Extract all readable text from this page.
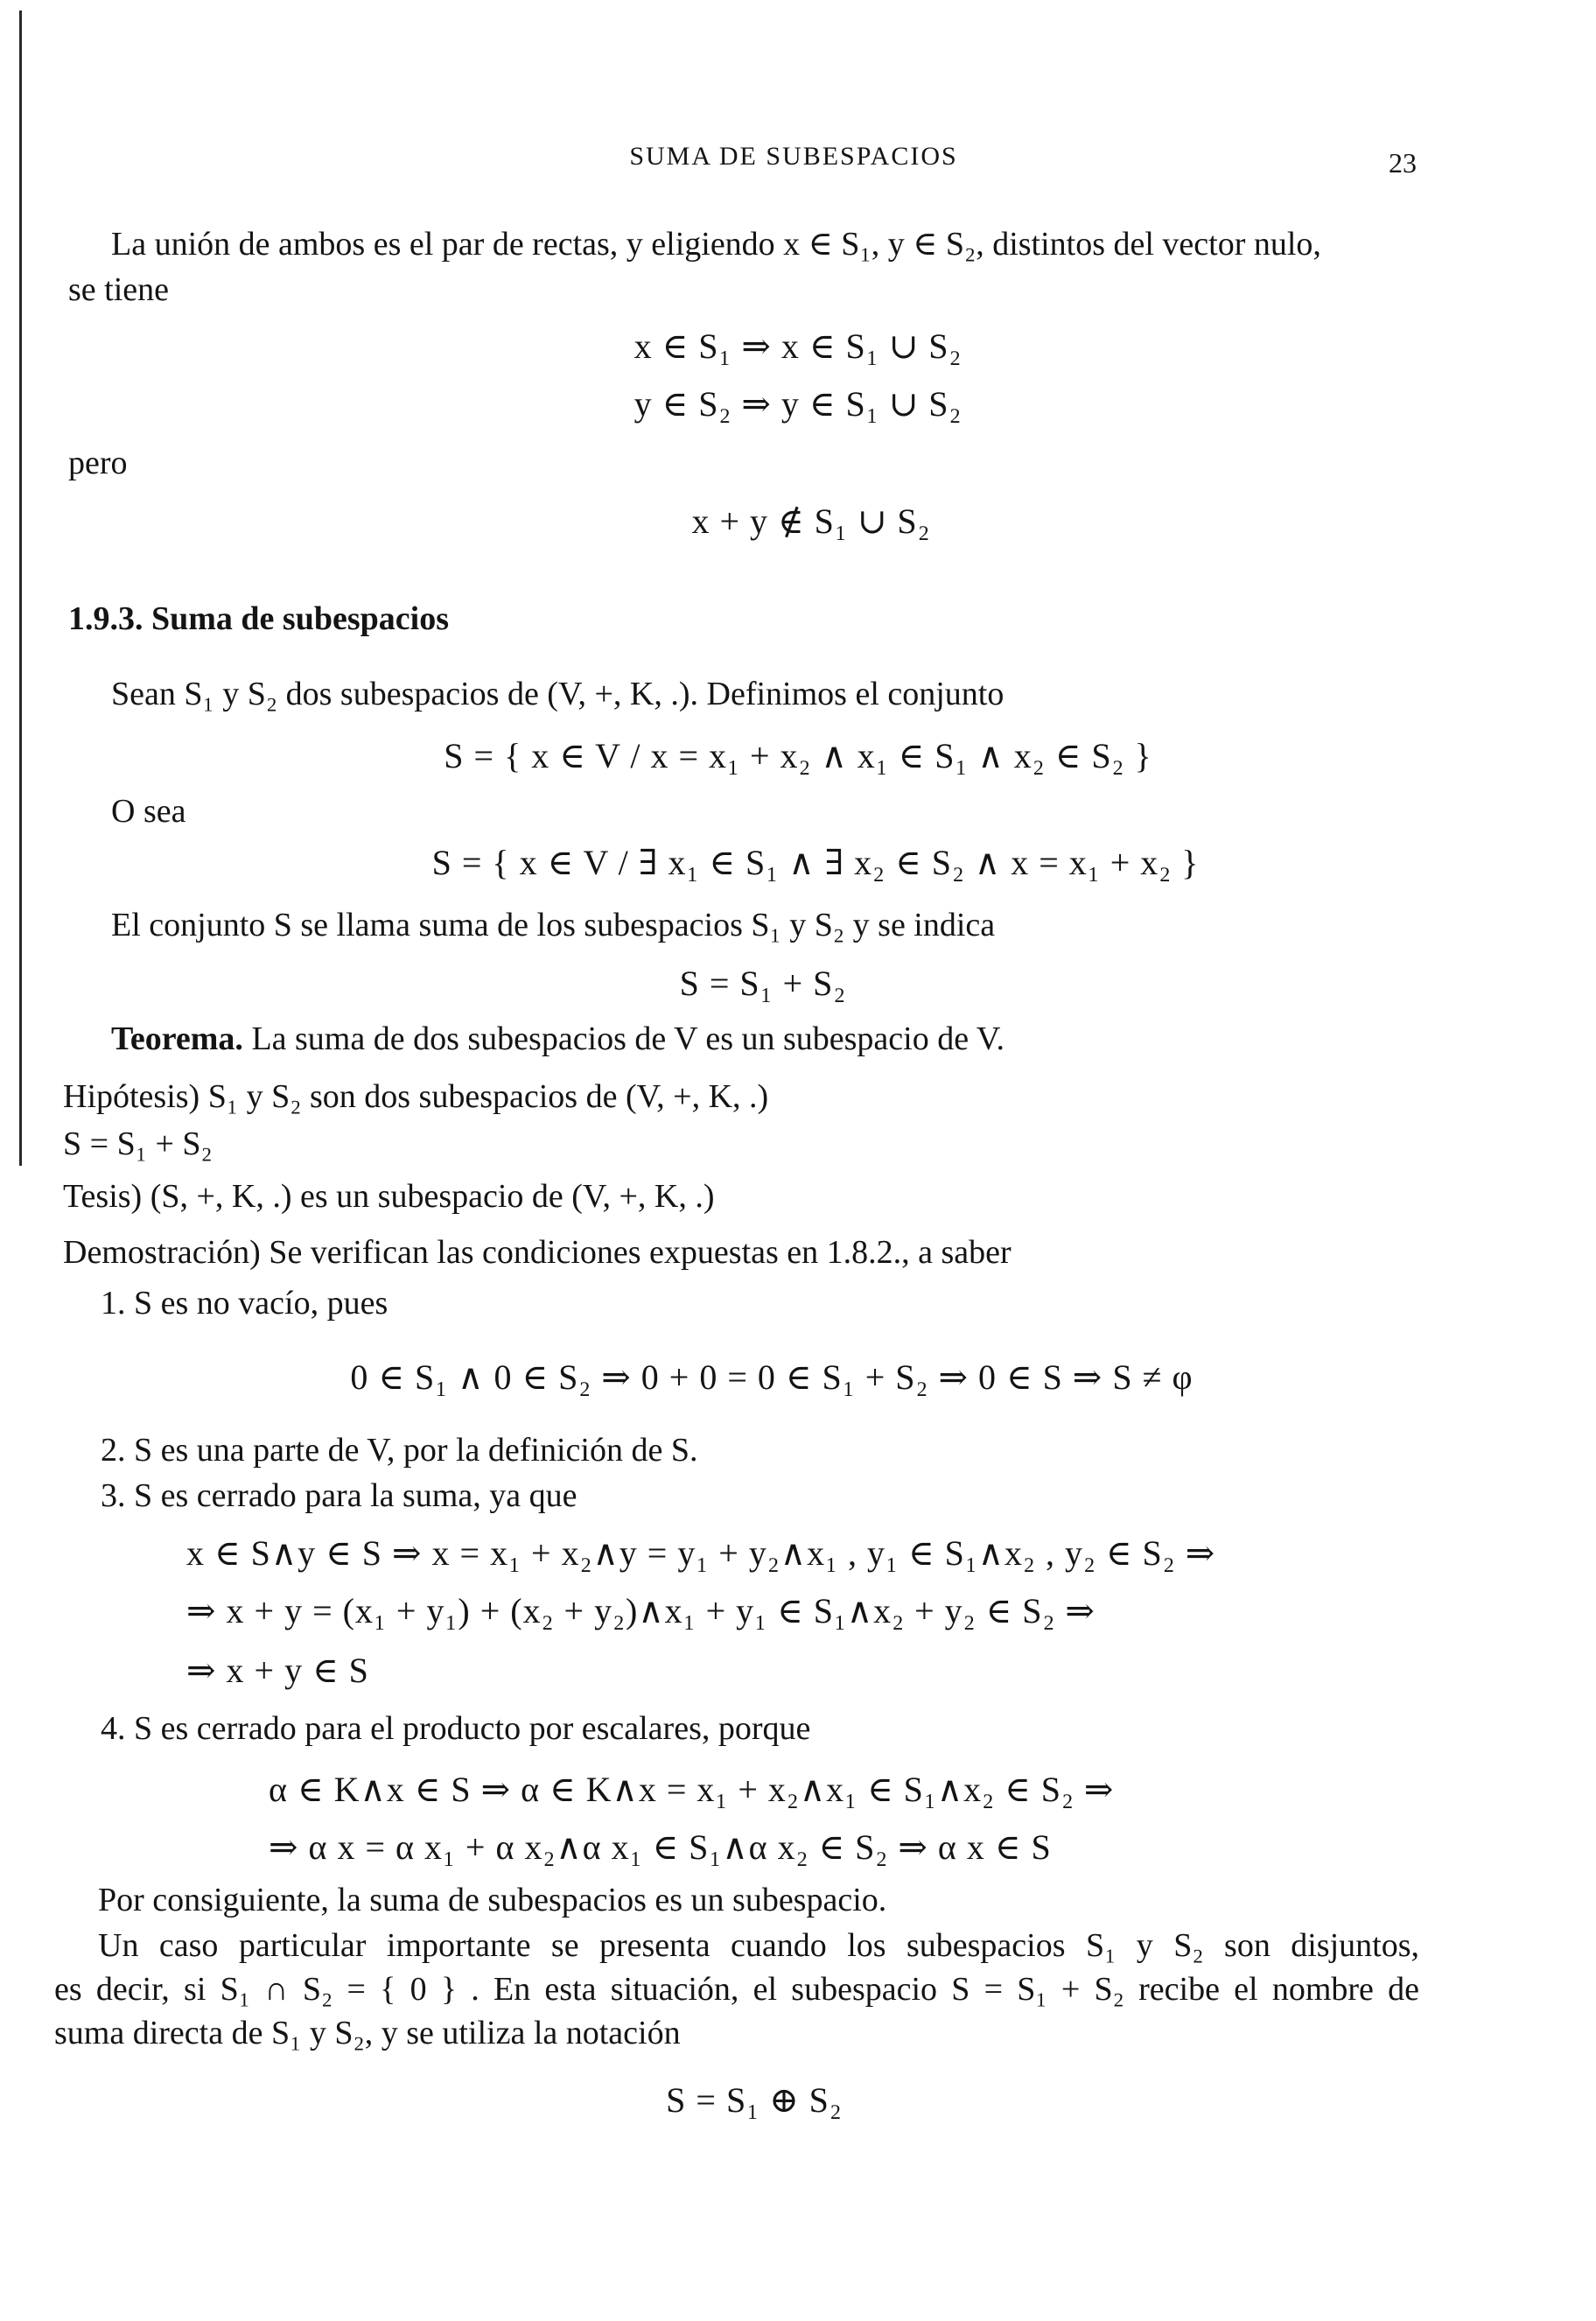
SUMA DE SUBESPACIOS	23
La unión de ambos es el par de rectas, y eligiendo x ∈ S₁, y ∈ S₂, distintos del vector nulo,
se tiene
x ∈ S₁ ⇒ x ∈ S₁ ∪ S₂
y ∈ S₂ ⇒ y ∈ S₁ ∪ S₂
pero
x + y ∉ S₁ ∪ S₂
1.9.3. Suma de subespacios
Sean S₁ y S₂ dos subespacios de (V, +, K, .). Definimos el conjunto
S = { x ∈ V / x = x₁ + x₂ ∧ x₁ ∈ S₁ ∧ x₂ ∈ S₂ }
O sea
S = { x ∈ V / ∃ x₁ ∈ S₁ ∧ ∃ x₂ ∈ S₂ ∧ x = x₁ + x₂ }
El conjunto S se llama suma de los subespacios S₁ y S₂ y se indica
S = S₁ + S₂
Teorema. La suma de dos subespacios de V es un subespacio de V.
Hipótesis) S₁ y S₂ son dos subespacios de (V, +, K, .)
S = S₁ + S₂
Tesis) (S, +, K, .) es un subespacio de (V, +, K, .)
Demostración) Se verifican las condiciones expuestas en 1.8.2., a saber
1. S es no vacío, pues
0 ∈ S₁ ∧ 0 ∈ S₂ ⇒ 0 + 0 = 0 ∈ S₁ + S₂ ⇒ 0 ∈ S ⇒ S ≠ φ
2. S es una parte de V, por la definición de S.
3. S es cerrado para la suma, ya que
x ∈ S∧y ∈ S ⇒ x = x₁ + x₂∧y = y₁ + y₂∧x₁ , y₁ ∈ S₁∧x₂ , y₂ ∈ S₂ ⇒
⇒ x + y = (x₁ + y₁) + (x₂ + y₂)∧x₁ + y₁ ∈ S₁∧x₂ + y₂ ∈ S₂ ⇒
⇒ x + y ∈ S
4. S es cerrado para el producto por escalares, porque
α ∈ K∧x ∈ S ⇒ α ∈ K∧x = x₁ + x₂∧x₁ ∈ S₁∧x₂ ∈ S₂ ⇒
⇒ α x = α x₁ + α x₂∧α x₁ ∈ S₁∧α x₂ ∈ S₂ ⇒ α x ∈ S
Por consiguiente, la suma de subespacios es un subespacio.
Un caso particular importante se presenta cuando los subespacios S₁ y S₂ son disjuntos,
es decir, si S₁ ∩ S₂ = { 0 } . En esta situación, el subespacio S = S₁ + S₂ recibe el nombre de
suma directa de S₁ y S₂, y se utiliza la notación
S = S₁ ⊕ S₂
